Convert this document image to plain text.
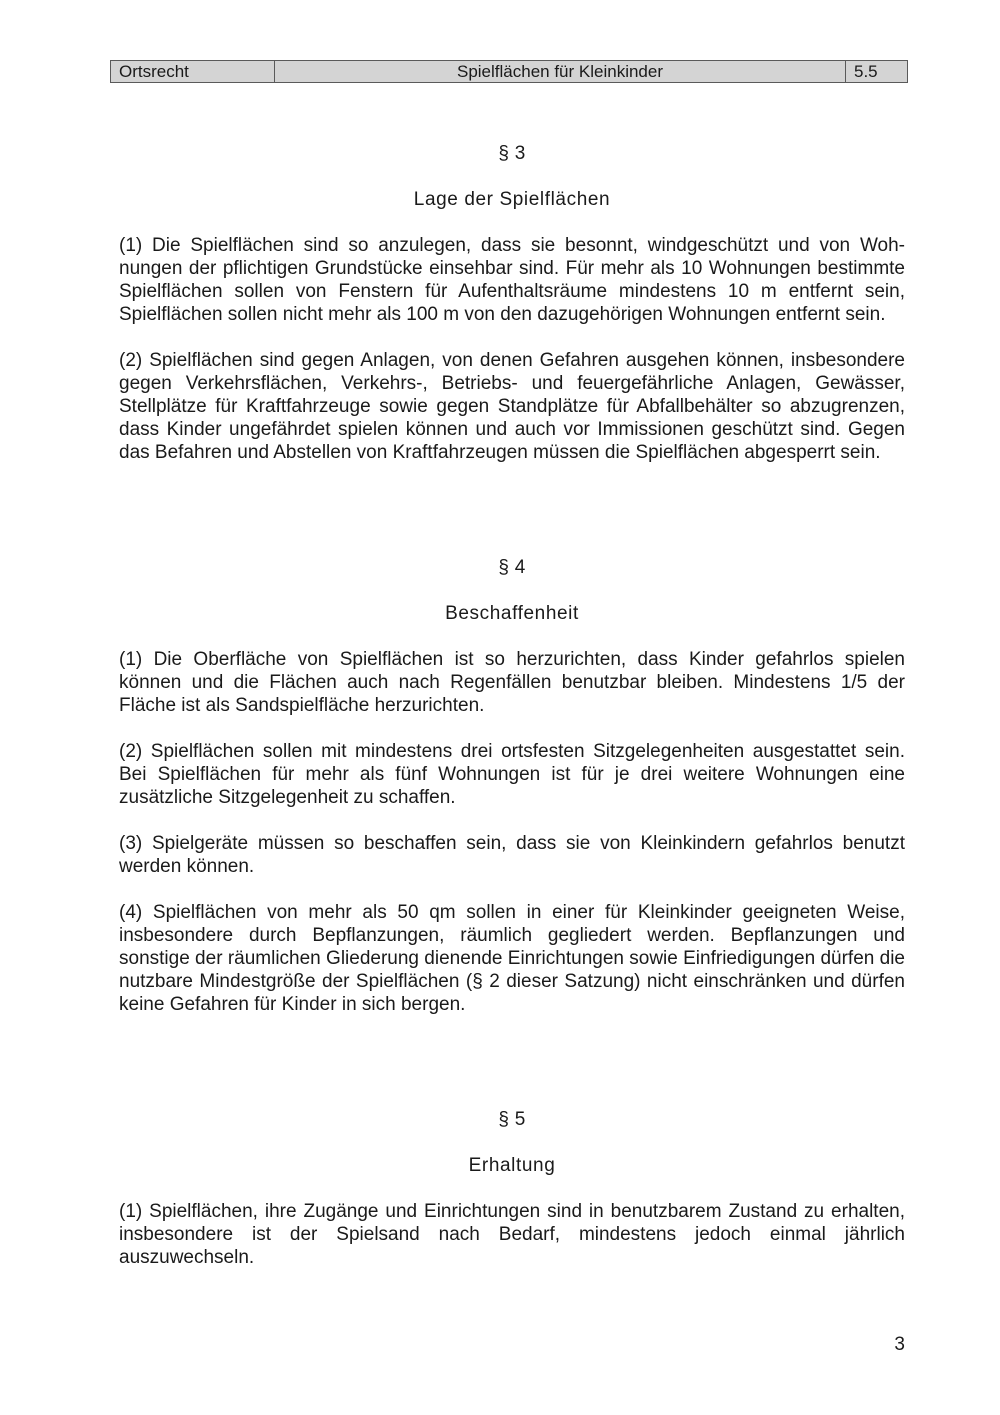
Ortsrecht	Spielflächen für Kleinkinder	5.5
§ 3
Lage der Spielflächen

(1) Die Spielflächen sind so anzulegen, dass sie besonnt, windgeschützt und von Wohnungen der pflichtigen Grundstücke einsehbar sind. Für mehr als 10 Wohnungen bestimmte Spielflächen sollen von Fenstern für Aufenthaltsräume mindestens 10 m entfernt sein, Spielflächen sollen nicht mehr als 100 m von den dazugehörigen Wohnungen entfernt sein.

(2) Spielflächen sind gegen Anlagen, von denen Gefahren ausgehen können, insbesondere gegen Verkehrsflächen, Verkehrs-, Betriebs- und feuergefährliche Anlagen, Gewässer, Stellplätze für Kraftfahrzeuge sowie gegen Standplätze für Abfallbehälter so abzugrenzen, dass Kinder ungefährdet spielen können und auch vor Immissionen geschützt sind. Gegen das Befahren und Abstellen von Kraftfahrzeugen müssen die Spielflächen abgesperrt sein.

§ 4
Beschaffenheit

(1) Die Oberfläche von Spielflächen ist so herzurichten, dass Kinder gefahrlos spielen können und die Flächen auch nach Regenfällen benutzbar bleiben. Mindestens 1/5 der Fläche ist als Sandspielfläche herzurichten.

(2) Spielflächen sollen mit mindestens drei ortsfesten Sitzgelegenheiten ausgestattet sein. Bei Spielflächen für mehr als fünf Wohnungen ist für je drei weitere Wohnungen eine zusätzliche Sitzgelegenheit zu schaffen.

(3) Spielgeräte müssen so beschaffen sein, dass sie von Kleinkindern gefahrlos benutzt werden können.

(4) Spielflächen von mehr als 50 qm sollen in einer für Kleinkinder geeigneten Weise, insbesondere durch Bepflanzungen, räumlich gegliedert werden. Bepflanzungen und sonstige der räumlichen Gliederung dienende Einrichtungen sowie Einfriedigungen dürfen die nutzbare Mindestgröße der Spielflächen (§ 2 dieser Satzung) nicht einschränken und dürfen keine Gefahren für Kinder in sich bergen.

§ 5
Erhaltung

(1) Spielflächen, ihre Zugänge und Einrichtungen sind in benutzbarem Zustand zu erhalten, insbesondere ist der Spielsand nach Bedarf, mindestens jedoch einmal jährlich auszuwechseln.

3
